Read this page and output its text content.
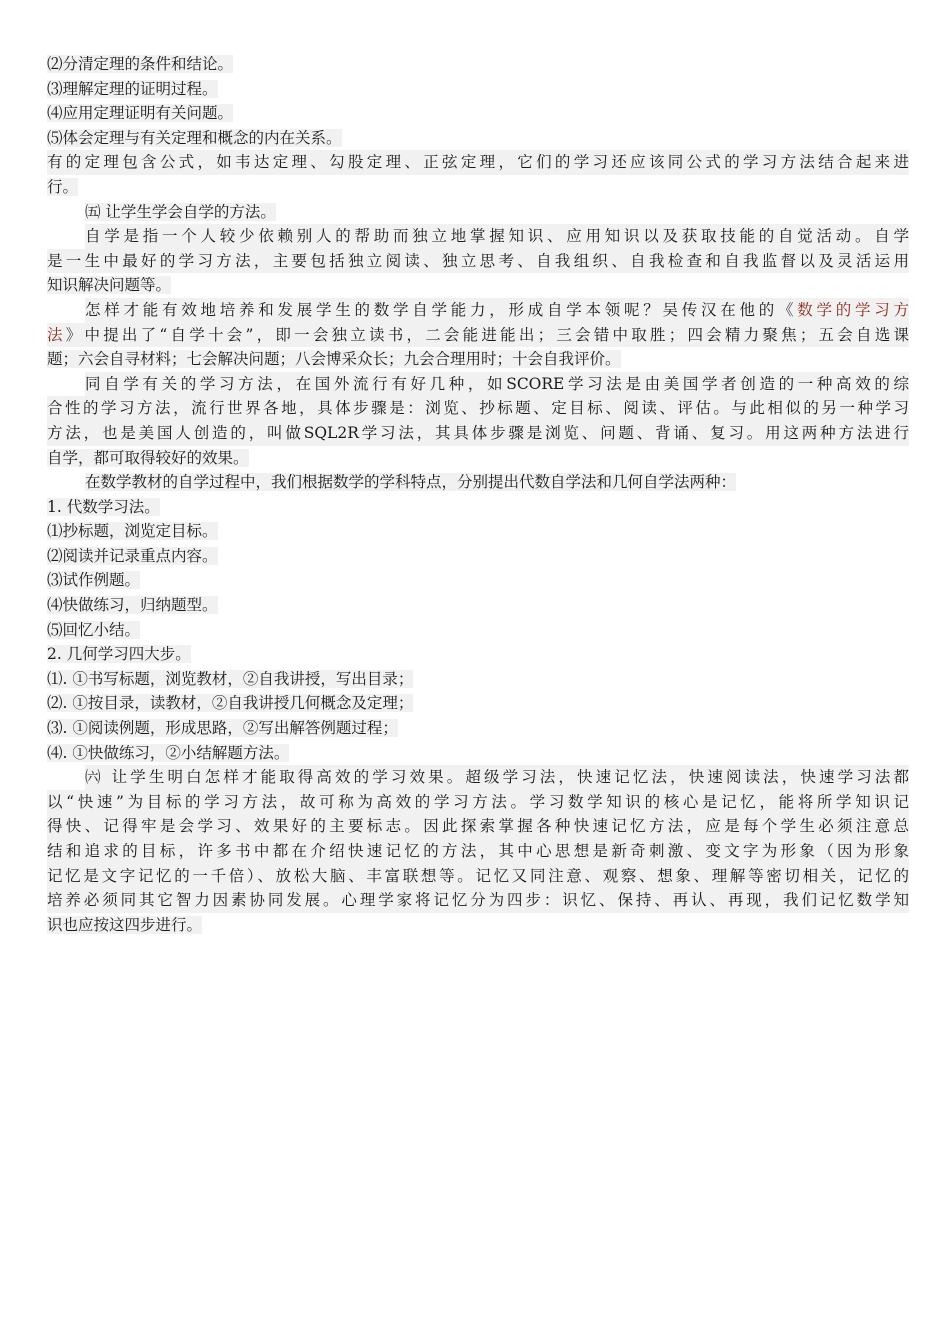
⑵分清定理的条件和结论。
⑶理解定理的证明过程。
⑷应用定理证明有关问题。
⑸体会定理与有关定理和概念的内在关系。
有的定理包含公式，如韦达定理、勾股定理、正弦定理，它们的学习还应该同公式的学习方法结合起来进
行。
㈤ 让学生学会自学的方法。
自学是指一个人较少依赖别人的帮助而独立地掌握知识、应用知识以及获取技能的自觉活动。自学
是一生中最好的学习方法，主要包括独立阅读、独立思考、自我组织、自我检查和自我监督以及灵活运用
知识解决问题等。
怎样才能有效地培养和发展学生的数学自学能力，形成自学本领呢？吴传汉在他的《数学的学习方
法》中提出了“自学十会”，即一会独立读书，二会能进能出；三会错中取胜；四会精力聚焦；五会自选课
题；六会自寻材料；七会解决问题；八会博采众长；九会合理用时；十会自我评价。
同自学有关的学习方法，在国外流行有好几种，如SCORE学习法是由美国学者创造的一种高效的综
合性的学习方法，流行世界各地，具体步骤是：浏览、抄标题、定目标、阅读、评估。与此相似的另一种学习
方法，也是美国人创造的，叫做SQL2R学习法，其具体步骤是浏览、问题、背诵、复习。用这两种方法进行
自学，都可取得较好的效果。
在数学教材的自学过程中，我们根据数学的学科特点，分别提出代数自学法和几何自学法两种：
1. 代数学习法。
⑴抄标题，浏览定目标。
⑵阅读并记录重点内容。
⑶试作例题。
⑷快做练习，归纳题型。
⑸回忆小结。
2. 几何学习四大步。
⑴. ①书写标题，浏览教材，②自我讲授，写出目录；
⑵. ①按目录，读教材，②自我讲授几何概念及定理；
⑶. ①阅读例题，形成思路，②写出解答例题过程；
⑷. ①快做练习，②小结解题方法。
㈥ 让学生明白怎样才能取得高效的学习效果。超级学习法，快速记忆法，快速阅读法，快速学习法都
以“快速”为目标的学习方法，故可称为高效的学习方法。学习数学知识的核心是记忆，能将所学知识记
得快、记得牢是会学习、效果好的主要标志。因此探索掌握各种快速记忆方法，应是每个学生必须注意总
结和追求的目标，许多书中都在介绍快速记忆的方法，其中心思想是新奇刺激、变文字为形象（因为形象
记忆是文字记忆的一千倍）、放松大脑、丰富联想等。记忆又同注意、观察、想象、理解等密切相关，记忆的
培养必须同其它智力因素协同发展。心理学家将记忆分为四步：识忆、保持、再认、再现，我们记忆数学知
识也应按这四步进行。
